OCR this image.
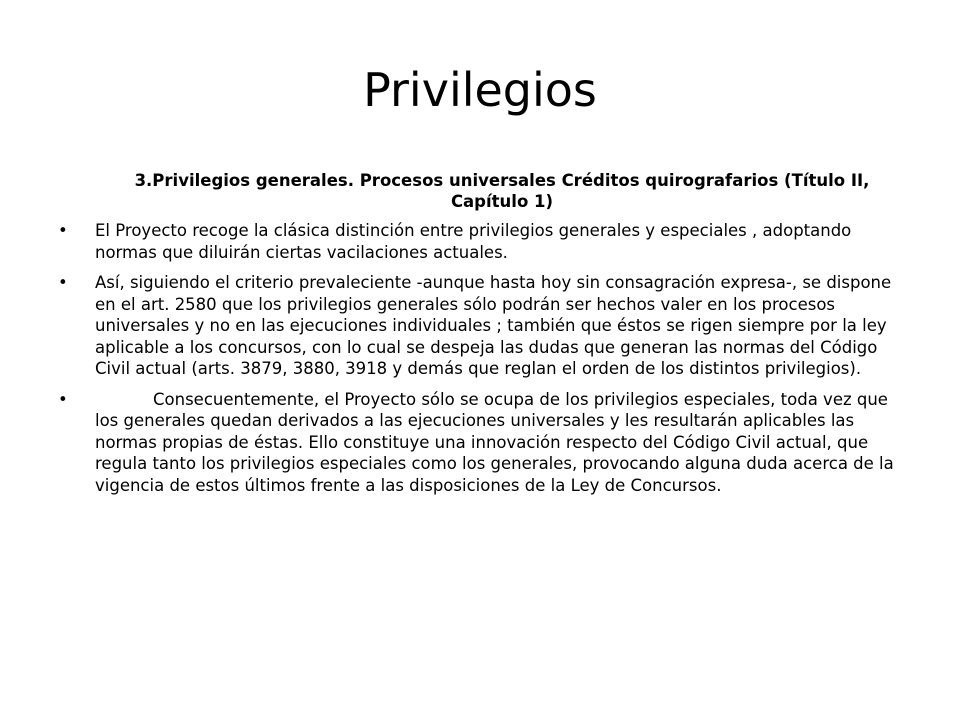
Privilegios

3.Privilegios generales. Procesos universales Créditos quirografarios (Título II, Capítulo 1)

•	El Proyecto recoge la clásica distinción entre privilegios generales y especiales , adoptando normas que diluirán ciertas vacilaciones actuales.
•	Así, siguiendo el criterio prevaleciente -aunque hasta hoy sin consagración expresa-, se dispone en el art. 2580 que los privilegios generales sólo podrán ser hechos valer en los procesos universales y no en las ejecuciones individuales ; también que éstos se rigen siempre por la ley aplicable a los concursos, con lo cual se despeja las dudas que generan las normas del Código Civil actual (arts. 3879, 3880, 3918 y demás que reglan el orden de los distintos privilegios).
•	Consecuentemente, el Proyecto sólo se ocupa de los privilegios especiales, toda vez que los generales quedan derivados a las ejecuciones universales y les resultarán aplicables las normas propias de éstas. Ello constituye una innovación respecto del Código Civil actual, que regula tanto los privilegios especiales como los generales, provocando alguna duda acerca de la vigencia de estos últimos frente a las disposiciones de la Ley de Concursos.
